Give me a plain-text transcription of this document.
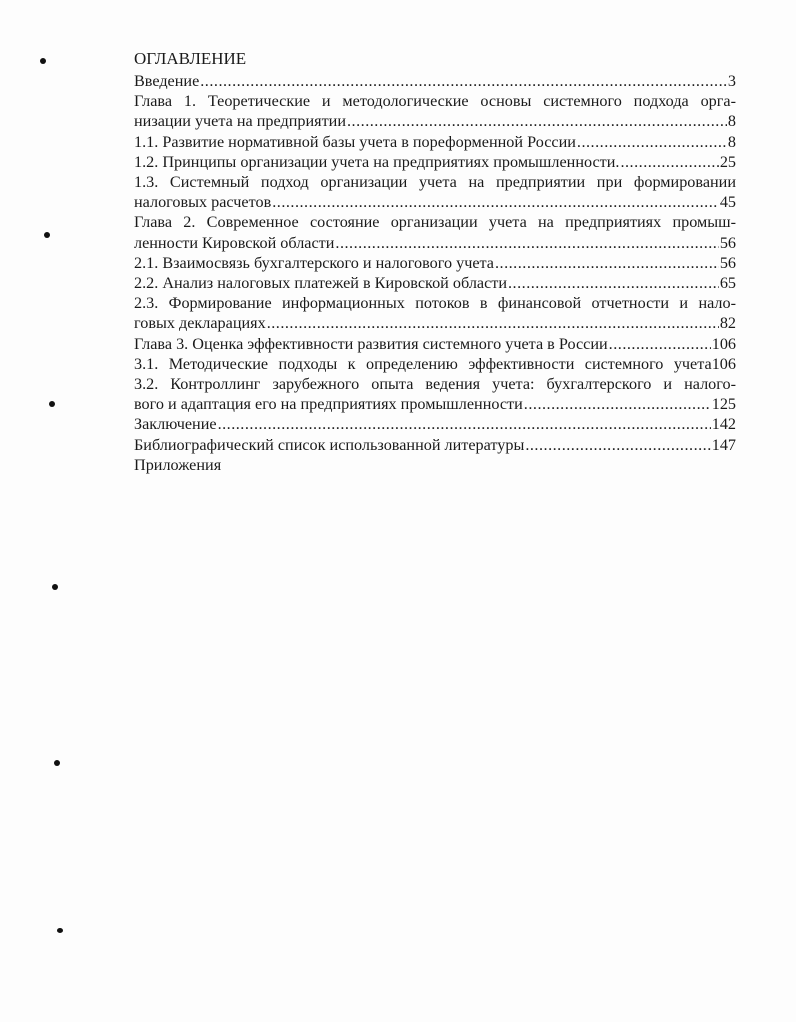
ОГЛАВЛЕНИЕ
Введение .....	3
Глава 1. Теоретические и методологические основы системного подхода орга-
низации учета на предприятии .....	8
1.1. Развитие нормативной базы учета в пореформенной России .....	8
1.2. Принципы организации учета на предприятиях промышленности. .....	25
1.3. Системный подход организации учета на предприятии при формировании
налоговых расчетов .....	45
Глава 2. Современное состояние организации учета на предприятиях промыш-
ленности Кировской области .....	56
2.1. Взаимосвязь бухгалтерского и налогового учета .....	56
2.2. Анализ налоговых платежей в Кировской области .....	65
2.3. Формирование информационных потоков в финансовой отчетности и нало-
говых декларациях .....	82
Глава 3. Оценка эффективности развития системного учета в России .....	106
3.1. Методические подходы к определению эффективности системного учета106
3.2. Контроллинг зарубежного опыта ведения учета: бухгалтерского и налого-
вого и адаптация его на предприятиях промышленности .....	125
Заключение .....	142
Библиографический список использованной литературы .....	147
Приложения
